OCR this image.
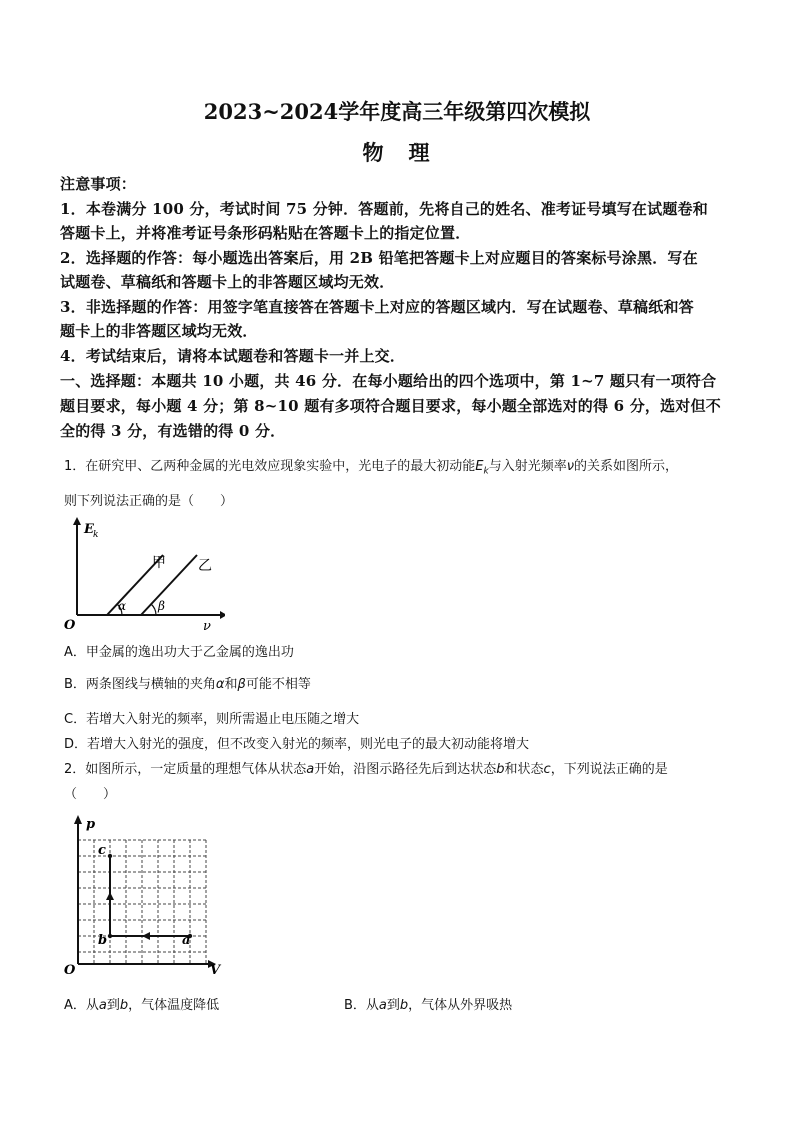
2023~2024学年度高三年级第四次模拟
物　理
注意事项：
1．本卷满分 100 分，考试时间 75 分钟．答题前，先将自己的姓名、准考证号填写在试题卷和
答题卡上，并将准考证号条形码粘贴在答题卡上的指定位置．
2．选择题的作答：每小题选出答案后，用 2B 铅笔把答题卡上对应题目的答案标号涂黑．写在
试题卷、草稿纸和答题卡上的非答题区域均无效．
3．非选择题的作答：用签字笔直接答在答题卡上对应的答题区域内．写在试题卷、草稿纸和答
题卡上的非答题区域均无效．
4．考试结束后，请将本试题卷和答题卡一并上交．
一、选择题：本题共 10 小题，共 46 分．在每小题给出的四个选项中，第 1~7 题只有一项符合
题目要求，每小题 4 分；第 8~10 题有多项符合题目要求，每小题全部选对的得 6 分，选对但不
全的得 3 分，有选错的得 0 分．
1．在研究甲、乙两种金属的光电效应现象实验中，光电子的最大初动能$E_k$与入射光频率ν的关系如图所示，
则下列说法正确的是（　　）
O	ν
E k
甲 乙
α	β
A．甲金属的逸出功大于乙金属的逸出功
B．两条图线与横轴的夹角α和β可能不相等
C．若增大入射光的频率，则所需遏止电压随之增大
D．若增大入射光的强度，但不改变入射光的频率，则光电子的最大初动能将增大
2．如图所示，一定质量的理想气体从状态a开始，沿图示路径先后到达状态b和状态c，下列说法正确的是
（　　）
O	V
p
c
b	a
A．从a到b，气体温度降低	B．从a到b，气体从外界吸热
